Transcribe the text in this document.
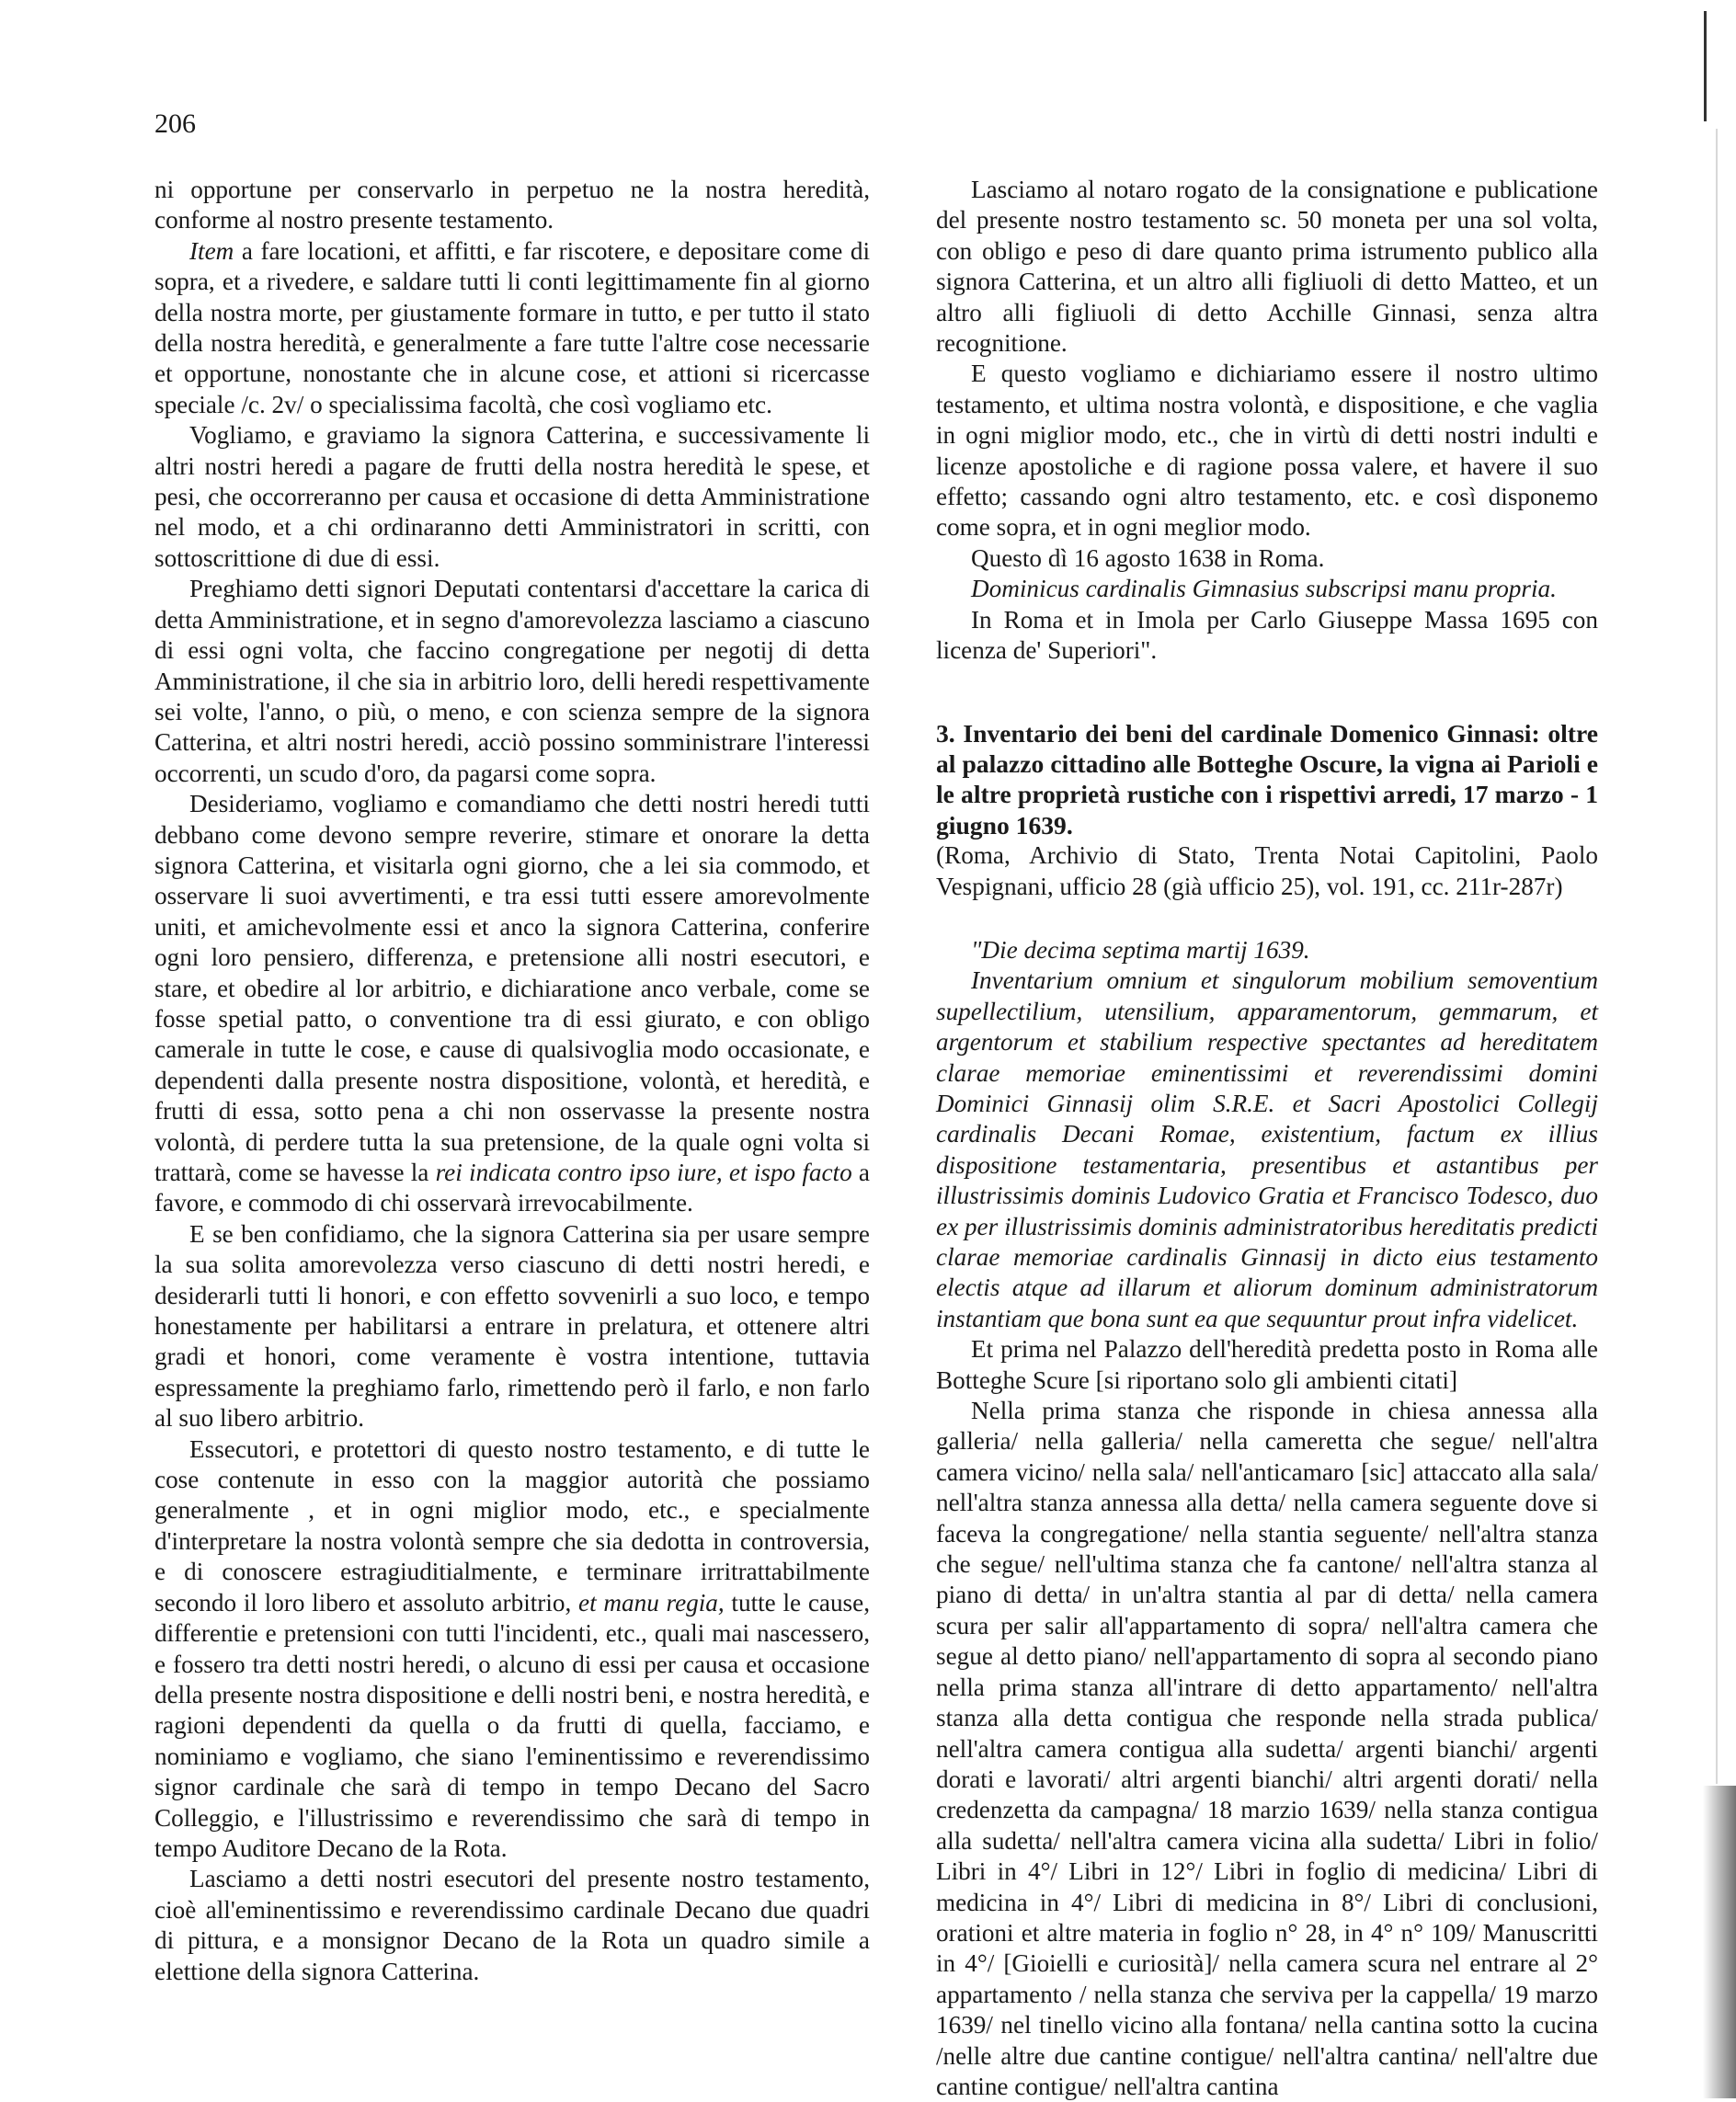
206

ni opportune per conservarlo in perpetuo ne la nostra heredità, conforme al nostro presente testamento.

Item a fare locationi, et affitti, e far riscotere, e depositare come di sopra, et a rivedere, e saldare tutti li conti legittimamente fin al giorno della nostra morte, per giustamente formare in tutto, e per tutto il stato della nostra heredità, e generalmente a fare tutte l'altre cose necessarie et opportune, nonostante che in alcune cose, et attioni si ricercasse speciale /c. 2v/ o specialissima facoltà, che così vogliamo etc.

Vogliamo, e graviamo la signora Catterina, e successivamente li altri nostri heredi a pagare de frutti della nostra heredità le spese, et pesi, che occorreranno per causa et occasione di detta Amministratione nel modo, et a chi ordinaranno detti Amministratori in scritti, con sottoscrittione di due di essi.

Preghiamo detti signori Deputati contentarsi d'accettare la carica di detta Amministratione, et in segno d'amorevolezza lasciamo a ciascuno di essi ogni volta, che faccino congregatione per negotij di detta Amministratione, il che sia in arbitrio loro, delli heredi respettivamente sei volte, l'anno, o più, o meno, e con scienza sempre de la signora Catterina, et altri nostri heredi, acciò possino somministrare l'interessi occorrenti, un scudo d'oro, da pagarsi come sopra.

Desideriamo, vogliamo e comandiamo che detti nostri heredi tutti debbano come devono sempre reverire, stimare et onorare la detta signora Catterina, et visitarla ogni giorno, che a lei sia commodo, et osservare li suoi avvertimenti, e tra essi tutti essere amorevolmente uniti, et amichevolmente essi et anco la signora Catterina, conferire ogni loro pensiero, differenza, e pretensione alli nostri esecutori, e stare, et obedire al lor arbitrio, e dichiaratione anco verbale, come se fosse spetial patto, o conventione tra di essi giurato, e con obligo camerale in tutte le cose, e cause di qualsivoglia modo occasionate, e dependenti dalla presente nostra dispositione, volontà, et heredità, e frutti di essa, sotto pena a chi non osservasse la presente nostra volontà, di perdere tutta la sua pretensione, de la quale ogni volta si trattarà, come se havesse la rei indicata contro ipso iure, et ispo facto a favore, e commodo di chi osservarà irrevocabilmente.

E se ben confidiamo, che la signora Catterina sia per usare sempre la sua solita amorevolezza verso ciascuno di detti nostri heredi, e desiderarli tutti li honori, e con effetto sovvenirli a suo loco, e tempo honestamente per habilitarsi a entrare in prelatura, et ottenere altri gradi et honori, come veramente è vostra intentione, tuttavia espressamente la preghiamo farlo, rimettendo però il farlo, e non farlo al suo libero arbitrio.

Essecutori, e protettori di questo nostro testamento, e di tutte le cose contenute in esso con la maggior autorità che possiamo generalmente , et in ogni miglior modo, etc., e specialmente d'interpretare la nostra volontà sempre che sia dedotta in controversia, e di conoscere estragiuditialmente, e terminare irritrattabilmente secondo il loro libero et assoluto arbitrio, et manu regia, tutte le cause, differentie e pretensioni con tutti l'incidenti, etc., quali mai nascessero, e fossero tra detti nostri heredi, o alcuno di essi per causa et occasione della presente nostra dispositione e delli nostri beni, e nostra heredità, e ragioni dependenti da quella o da frutti di quella, facciamo, e nominiamo e vogliamo, che siano l'eminentissimo e reverendissimo signor cardinale che sarà di tempo in tempo Decano del Sacro Colleggio, e l'illustrissimo e reverendissimo che sarà di tempo in tempo Auditore Decano de la Rota.

Lasciamo a detti nostri esecutori del presente nostro testamento, cioè all'eminentissimo e reverendissimo cardinale Decano due quadri di pittura, e a monsignor Decano de la Rota un quadro simile a elettione della signora Catterina.

Lasciamo al notaro rogato de la consignatione e publicatione del presente nostro testamento sc. 50 moneta per una sol volta, con obligo e peso di dare quanto prima istrumento publico alla signora Catterina, et un altro alli figliuoli di detto Matteo, et un altro alli figliuoli di detto Acchille Ginnasi, senza altra recognitione.

E questo vogliamo e dichiariamo essere il nostro ultimo testamento, et ultima nostra volontà, e dispositione, e che vaglia in ogni miglior modo, etc., che in virtù di detti nostri indulti e licenze apostoliche e di ragione possa valere, et havere il suo effetto; cassando ogni altro testamento, etc. e così disponemo come sopra, et in ogni meglior modo.

Questo dì 16 agosto 1638 in Roma.

Dominicus cardinalis Gimnasius subscripsi manu propria.

In Roma et in Imola per Carlo Giuseppe Massa 1695 con licenza de' Superiori".

3. Inventario dei beni del cardinale Domenico Ginnasi: oltre al palazzo cittadino alle Botteghe Oscure, la vigna ai Parioli e le altre proprietà rustiche con i rispettivi arredi, 17 marzo - 1 giugno 1639.

(Roma, Archivio di Stato, Trenta Notai Capitolini, Paolo Vespignani, ufficio 28 (già ufficio 25), vol. 191, cc. 211r-287r)

"Die decima septima martij 1639.

Inventarium omnium et singulorum mobilium semoventium supellectilium, utensilium, apparamentorum, gemmarum, et argentorum et stabilium respective spectantes ad hereditatem clarae memoriae eminentissimi et reverendissimi domini Dominici Ginnasij olim S.R.E. et Sacri Apostolici Collegij cardinalis Decani Romae, existentium, factum ex illius dispositione testamentaria, presentibus et astantibus per illustrissimis dominis Ludovico Gratia et Francisco Todesco, duo ex per illustrissimis dominis administratoribus hereditatis predicti clarae memoriae cardinalis Ginnasij in dicto eius testamento electis atque ad illarum et aliorum dominum administratorum instantiam que bona sunt ea que sequuntur prout infra videlicet.

Et prima nel Palazzo dell'heredità predetta posto in Roma alle Botteghe Scure [si riportano solo gli ambienti citati]

Nella prima stanza che risponde in chiesa annessa alla galleria/ nella galleria/ nella cameretta che segue/ nell'altra camera vicino/ nella sala/ nell'anticamaro [sic] attaccato alla sala/ nell'altra stanza annessa alla detta/ nella camera seguente dove si faceva la congregatione/ nella stantia seguente/ nell'altra stanza che segue/ nell'ultima stanza che fa cantone/ nell'altra stanza al piano di detta/ in un'altra stantia al par di detta/ nella camera scura per salir all'appartamento di sopra/ nell'altra camera che segue al detto piano/ nell'appartamento di sopra al secondo piano nella prima stanza all'intrare di detto appartamento/ nell'altra stanza alla detta contigua che responde nella strada publica/ nell'altra camera contigua alla sudetta/ argenti bianchi/ argenti dorati e lavorati/ altri argenti bianchi/ altri argenti dorati/ nella credenzetta da campagna/ 18 marzio 1639/ nella stanza contigua alla sudetta/ nell'altra camera vicina alla sudetta/ Libri in folio/ Libri in 4°/ Libri in 12°/ Libri in foglio di medicina/ Libri di medicina in 4°/ Libri di medicina in 8°/ Libri di conclusioni, orationi et altre materia in foglio n° 28, in 4° n° 109/ Manuscritti in 4°/ [Gioielli e curiosità]/ nella camera scura nel entrare al 2° appartamento / nella stanza che serviva per la cappella/ 19 marzo 1639/ nel tinello vicino alla fontana/ nella cantina sotto la cucina /nelle altre due cantine contigue/ nell'altra cantina/ nell'altre due cantine contigue/ nell'altra cantina
